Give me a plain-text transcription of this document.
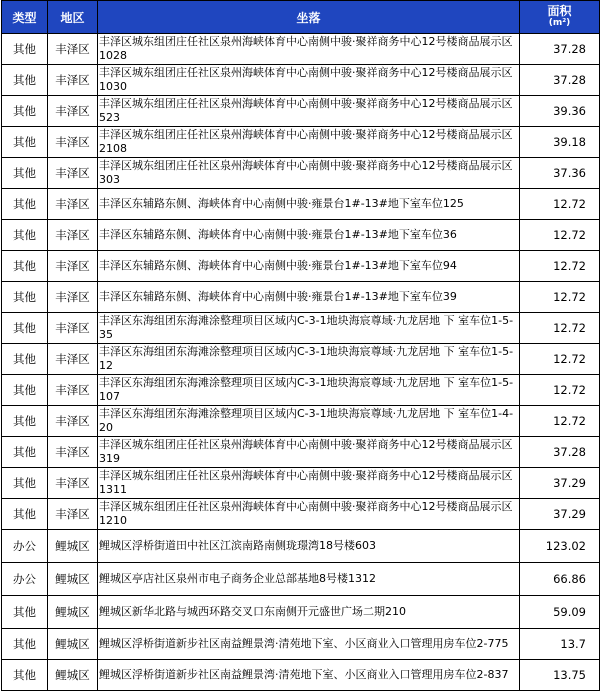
类型	地区	坐落	面积
(m²)

其他	丰泽区	丰泽区城东组团庄任社区泉州海峡体育中心南侧中骏·聚祥商务中心12号楼商品展示区1028	37.28
其他	丰泽区	丰泽区城东组团庄任社区泉州海峡体育中心南侧中骏·聚祥商务中心12号楼商品展示区1030	37.28
其他	丰泽区	丰泽区城东组团庄任社区泉州海峡体育中心南侧中骏·聚祥商务中心12号楼商品展示区523	39.36
其他	丰泽区	丰泽区城东组团庄任社区泉州海峡体育中心南侧中骏·聚祥商务中心12号楼商品展示区2108	39.18
其他	丰泽区	丰泽区城东组团庄任社区泉州海峡体育中心南侧中骏·聚祥商务中心12号楼商品展示区303	37.36
其他	丰泽区	丰泽区东辅路东侧、海峡体育中心南侧中骏·雍景台1#-13#地下室车位125	12.72
其他	丰泽区	丰泽区东辅路东侧、海峡体育中心南侧中骏·雍景台1#-13#地下室车位36	12.72
其他	丰泽区	丰泽区东辅路东侧、海峡体育中心南侧中骏·雍景台1#-13#地下室车位94	12.72
其他	丰泽区	丰泽区东辅路东侧、海峡体育中心南侧中骏·雍景台1#-13#地下室车位39	12.72
其他	丰泽区	丰泽区东海组团东海滩涂整理项目区域内C-3-1地块海宸尊域·九龙居地 下 室车位1-5-35	12.72
其他	丰泽区	丰泽区东海组团东海滩涂整理项目区域内C-3-1地块海宸尊域·九龙居地 下 室车位1-5-12	12.72
其他	丰泽区	丰泽区东海组团东海滩涂整理项目区域内C-3-1地块海宸尊域·九龙居地 下 室车位1-5-107	12.72
其他	丰泽区	丰泽区东海组团东海滩涂整理项目区域内C-3-1地块海宸尊域·九龙居地 下 室车位1-4-20	12.72
其他	丰泽区	丰泽区城东组团庄任社区泉州海峡体育中心南侧中骏·聚祥商务中心12号楼商品展示区319	37.28
其他	丰泽区	丰泽区城东组团庄任社区泉州海峡体育中心南侧中骏·聚祥商务中心12号楼商品展示区1311	37.29
其他	丰泽区	丰泽区城东组团庄任社区泉州海峡体育中心南侧中骏·聚祥商务中心12号楼商品展示区1210	37.29
办公	鲤城区	鲤城区浮桥街道田中社区江滨南路南侧珑璟湾18号楼603	123.02
办公	鲤城区	鲤城区亭店社区泉州市电子商务企业总部基地8号楼1312	66.86
其他	鲤城区	鲤城区新华北路与城西环路交叉口东南侧开元盛世广场二期210	59.09
其他	鲤城区	鲤城区浮桥街道新步社区南益鲤景湾·清苑地下室、小区商业入口管理用房车位2-775	13.7
其他	鲤城区	鲤城区浮桥街道新步社区南益鲤景湾·清苑地下室、小区商业入口管理用房车位2-837	13.75
